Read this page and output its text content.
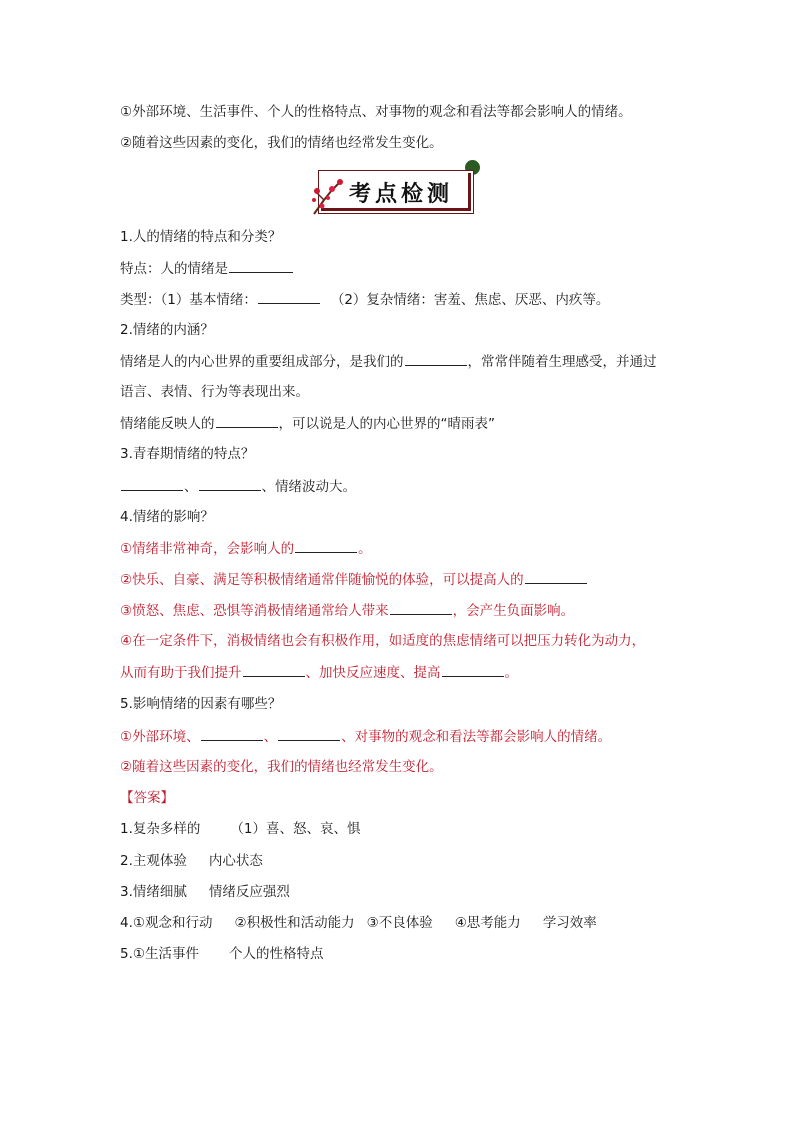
①外部环境、生活事件、个人的性格特点、对事物的观念和看法等都会影响人的情绪。
②随着这些因素的变化，我们的情绪也经常发生变化。
考点检测
1.人的情绪的特点和分类？
特点：人的情绪是
类型：（1）基本情绪：	（2）复杂情绪：害羞、焦虑、厌恶、内疚等。
2.情绪的内涵？
情绪是人的内心世界的重要组成部分，是我们的	，常常伴随着生理感受，并通过
语言、表情、行为等表现出来。
情绪能反映人的	，可以说是人的内心世界的“晴雨表”
3.青春期情绪的特点？
、	、情绪波动大。
4.情绪的影响？
①情绪非常神奇，会影响人的	。
②快乐、自豪、满足等积极情绪通常伴随愉悦的体验，可以提高人的
③愤怒、焦虑、恐惧等消极情绪通常给人带来	，会产生负面影响。
④在一定条件下，消极情绪也会有积极作用，如适度的焦虑情绪可以把压力转化为动力，
从而有助于我们提升	、加快反应速度、提高	。
5.影响情绪的因素有哪些？
①外部环境、	、	、对事物的观念和看法等都会影响人的情绪。
②随着这些因素的变化，我们的情绪也经常发生变化。
【答案】
1.复杂多样的 （1）喜、怒、哀、惧
2.主观体验 内心状态
3.情绪细腻 情绪反应强烈
4.①观念和行动 ②积极性和活动能力 ③不良体验 ④思考能力 学习效率
5.①生活事件 个人的性格特点
